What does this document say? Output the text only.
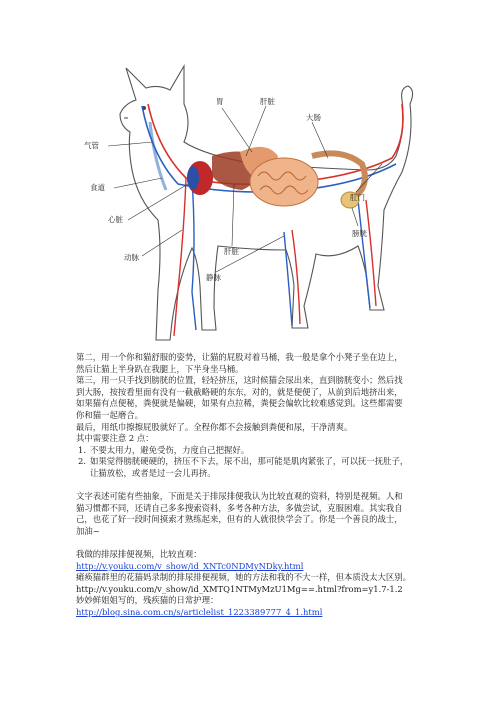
胃	肝脏
大肠
气管
食道
心脏
动脉
肝脏
静脉
肛门
膀胱

第二，用一个你和猫舒服的姿势，让猫的屁股对着马桶，我一般是拿个小凳子坐在边上，

然后让猫上半身趴在我腿上，下半身坐马桶。

第三，用一只手找到膀胱的位置，轻轻挤压，这时候猫会尿出来，直到膀胱变小；然后找

到大肠，按按看里面有没有一截截略硬的东东，对的，就是便便了，从前到后地挤出来，

如果猫有点便秘，粪便就是偏硬，如果有点拉稀，粪便会偏软比较难感觉到。这些都需要

你和猫一起磨合。

最后，用纸巾擦擦屁股就好了。全程你都不会接触到粪便和尿，干净清爽。

其中需要注意 2 点：

1. 不要太用力，避免受伤，力度自己把握好。

2. 如果觉得膀胱硬硬的，挤压不下去，尿不出，那可能是肌肉紧张了，可以抚一抚肚子，

让猫放松，或者是过一会儿再挤。

文字表述可能有些抽象，下面是关于排尿排便我认为比较直观的资料，特别是视频。人和

猫习惯都不同，还请自己多多搜索资料，多考各种方法，多做尝试，克服困难。其实我自

己，也花了好一段时间摸索才熟练起来，但有的人就很快学会了。你是一个善良的战士，

加油~

我做的排尿排便视频，比较直观：http://v.youku.com/v_show/id_XNTc0NDMyNDky.html

瘫痪猫群里的花猫妈录制的排尿排便视频，她的方法和我的不大一样，但本质没太大区别。

http://v.youku.com/v_show/id_XMTQ1NTMyMzU1Mg==.html?from=y1.7-1.2

妙妙鲜姐姐写的，残疾猫的日常护理：

http://blog.sina.com.cn/s/articlelist_1223389777_4_1.html
